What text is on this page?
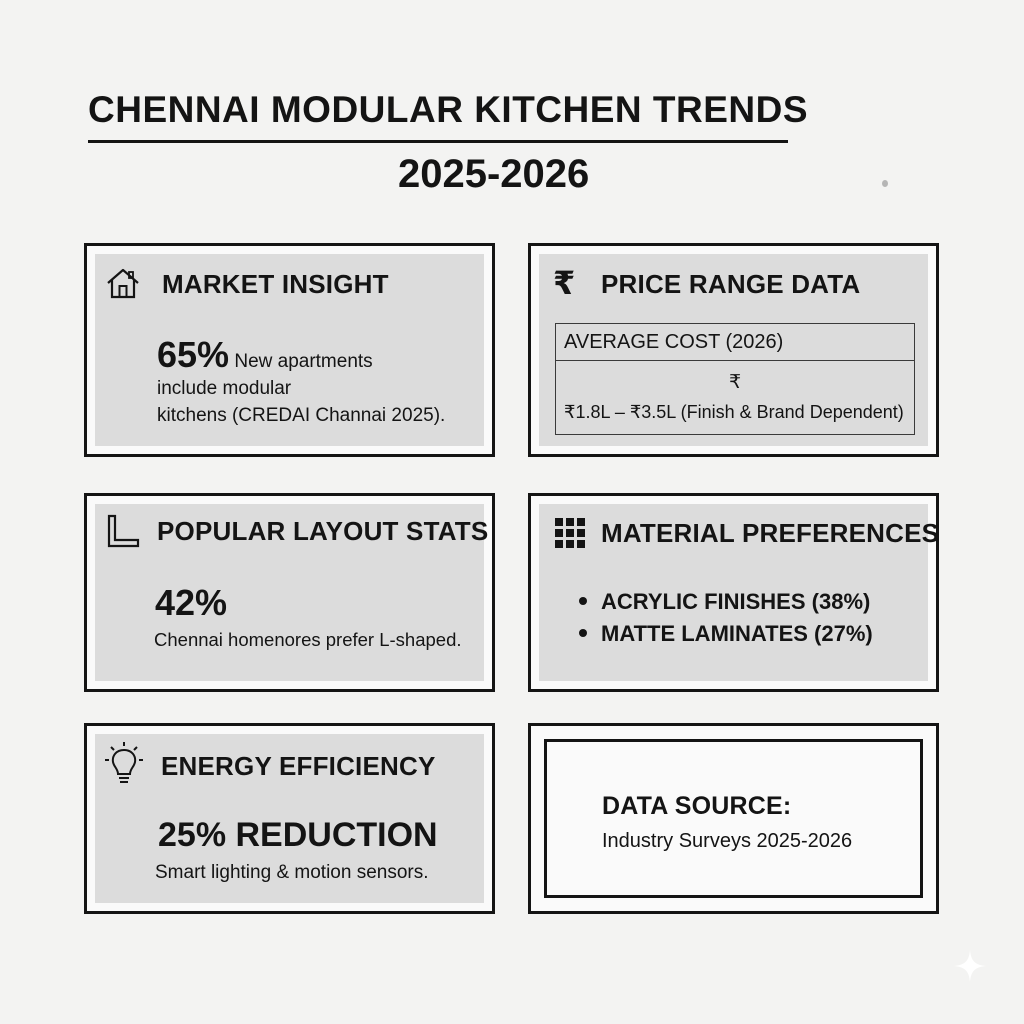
CHENNAI MODULAR KITCHEN TRENDS
2025-2026
MARKET INSIGHT
65% New apartments
include modular
kitchens (CREDAI Channai 2025).
₹ PRICE RANGE DATA
AVERAGE COST (2026)
₹
₹1.8L – ₹3.5L (Finish & Brand Dependent)
POPULAR LAYOUT STATS
42%
Chennai homenores prefer L-shaped.
MATERIAL PREFERENCES
ACRYLIC FINISHES (38%)
MATTE LAMINATES (27%)
ENERGY EFFICIENCY
25% REDUCTION
Smart lighting & motion sensors.
DATA SOURCE:
Industry Surveys 2025-2026
